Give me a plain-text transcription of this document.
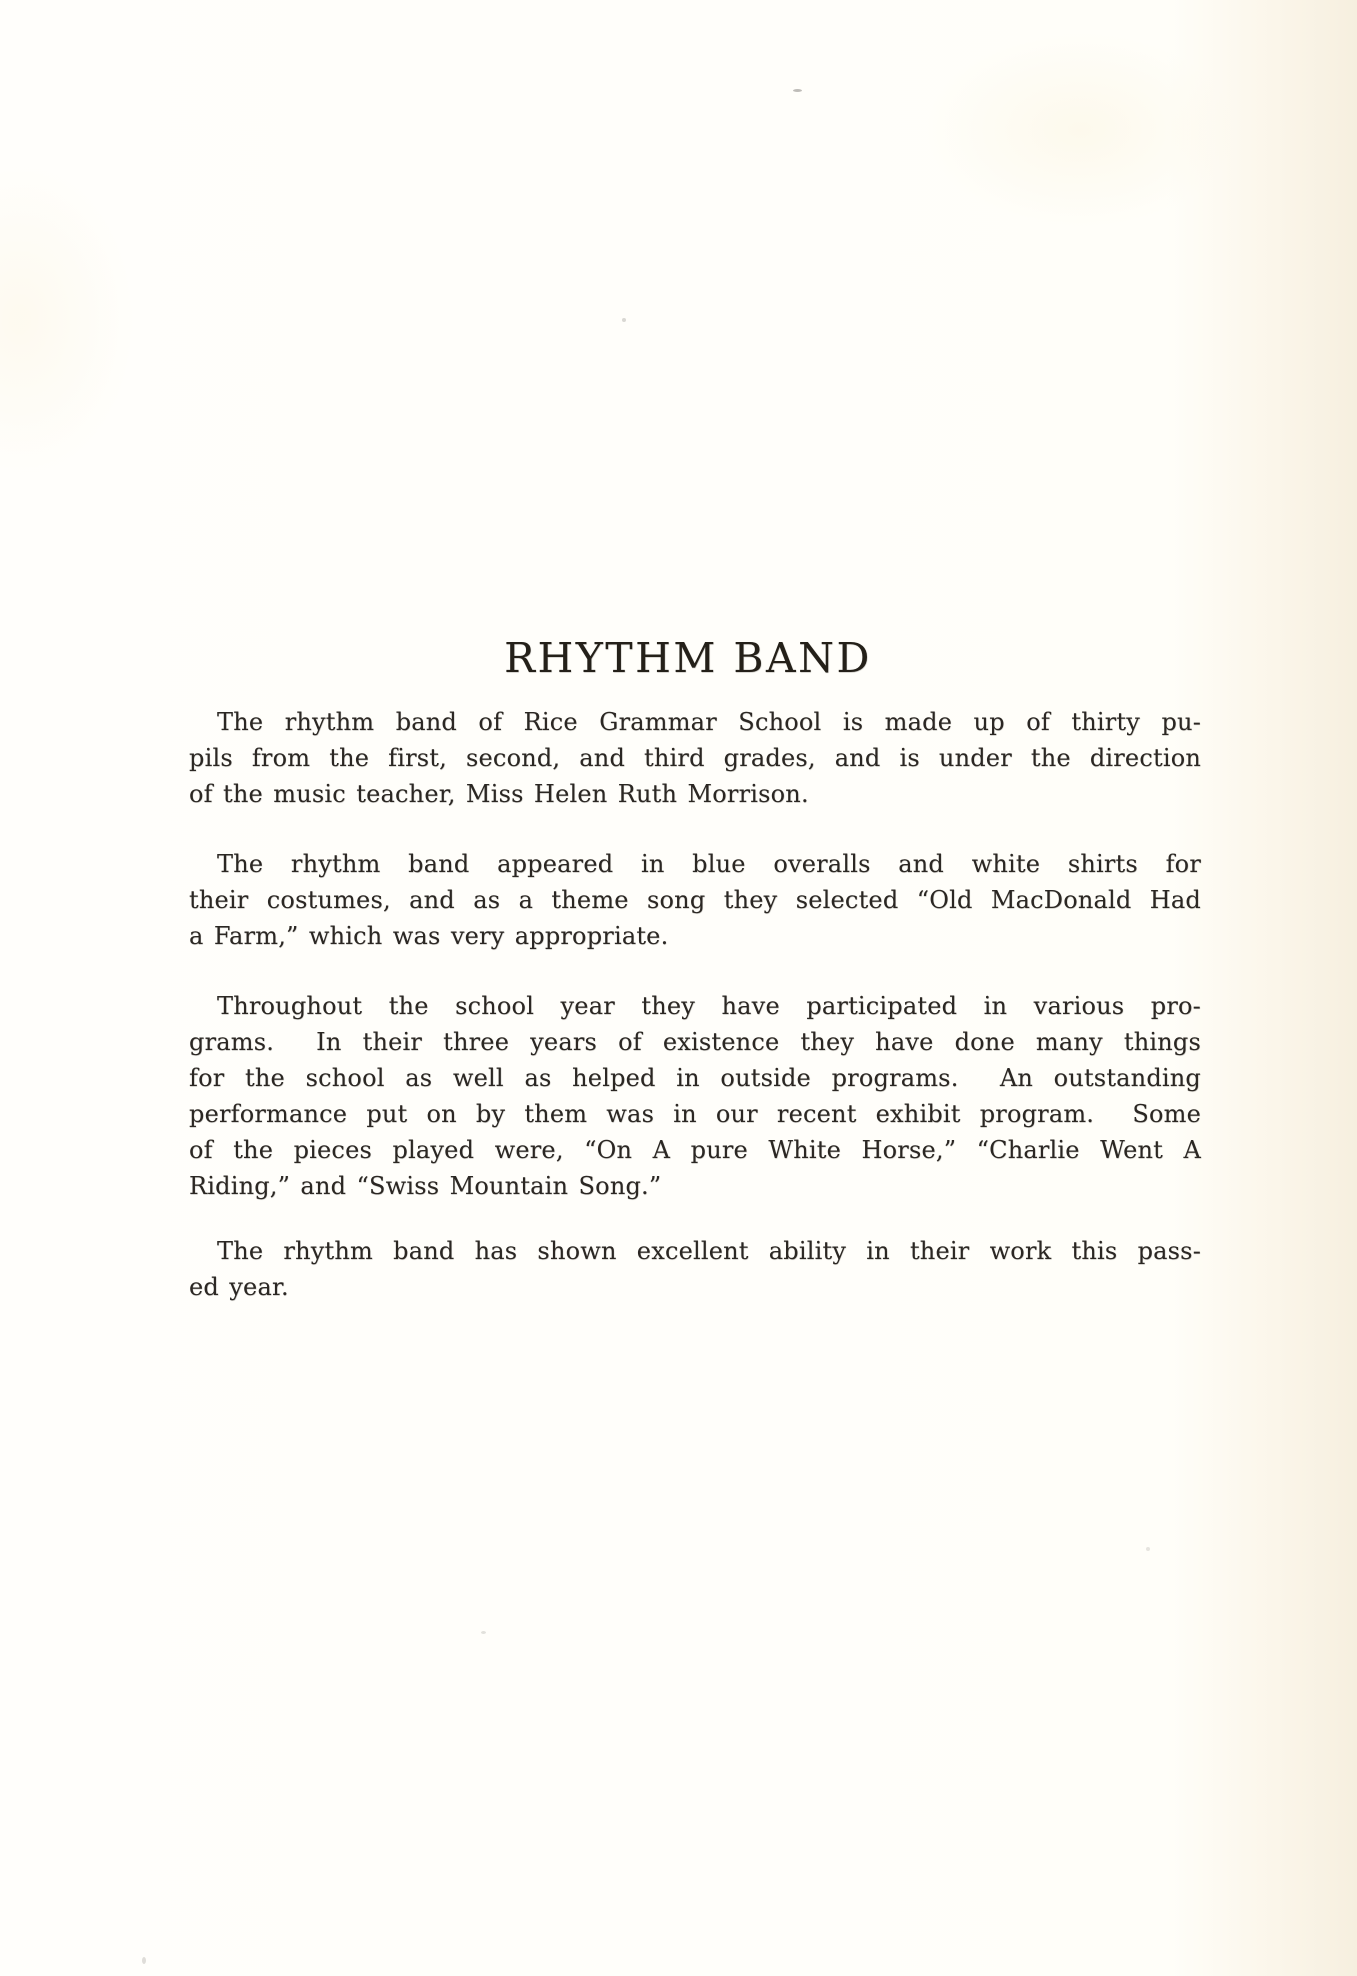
RHYTHM BAND
The rhythm band of Rice Grammar School is made up of thirty pu-
pils from the first, second, and third grades, and is under the direction
of the music teacher, Miss Helen Ruth Morrison.
The rhythm band appeared in blue overalls and white shirts for
their costumes, and as a theme song they selected “Old MacDonald Had
a Farm,” which was very appropriate.
Throughout the school year they have participated in various pro-
grams.  In their three years of existence they have done many things
for the school as well as helped in outside programs.  An outstanding
performance put on by them was in our recent exhibit program.  Some
of the pieces played were, “On A pure White Horse,” “Charlie Went A
Riding,” and “Swiss Mountain Song.”
The rhythm band has shown excellent ability in their work this pass-
ed year.
